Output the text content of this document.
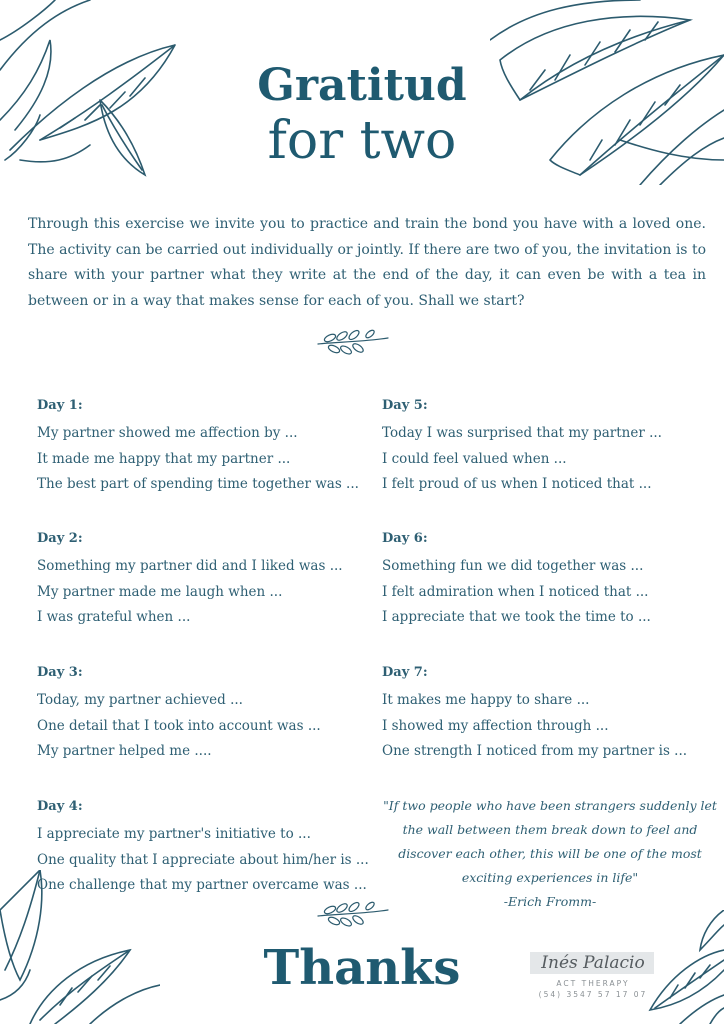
Gratitud
for two
Through this exercise we invite you to practice and train the bond you have with a loved one. The activity can be carried out individually or jointly. If there are two of you, the invitation is to share with your partner what they write at the end of the day, it can even be with a tea in between or in a way that makes sense for each of you. Shall we start?
Day 1:
My partner showed me affection by ...
It made me happy that my partner ...
The best part of spending time together was ...
Day 2:
Something my partner did and I liked was ...
My partner made me laugh when ...
I was grateful when ...
Day 3:
Today, my partner achieved ...
One detail that I took into account was ...
My partner helped me ....
Day 4:
I appreciate my partner's initiative to ...
One quality that I appreciate about him/her is ...
One challenge that my partner overcame was ...
Day 5:
Today I was surprised that my partner ...
I could feel valued when ...
I felt proud of us when I noticed that ...
Day 6:
Something fun we did together was ...
I felt admiration when I noticed that ...
I appreciate that we took the time to ...
Day 7:
It makes me happy to share ...
I showed my affection through ...
One strength I noticed from my partner is ...
"If two people who have been strangers suddenly let
the wall between them break down to feel and
discover each other, this will be one of the most
exciting experiences in life"
-Erich Fromm-
Thanks	Inés Palacio
ACT THERAPY
(54) 3547 57 17 07
